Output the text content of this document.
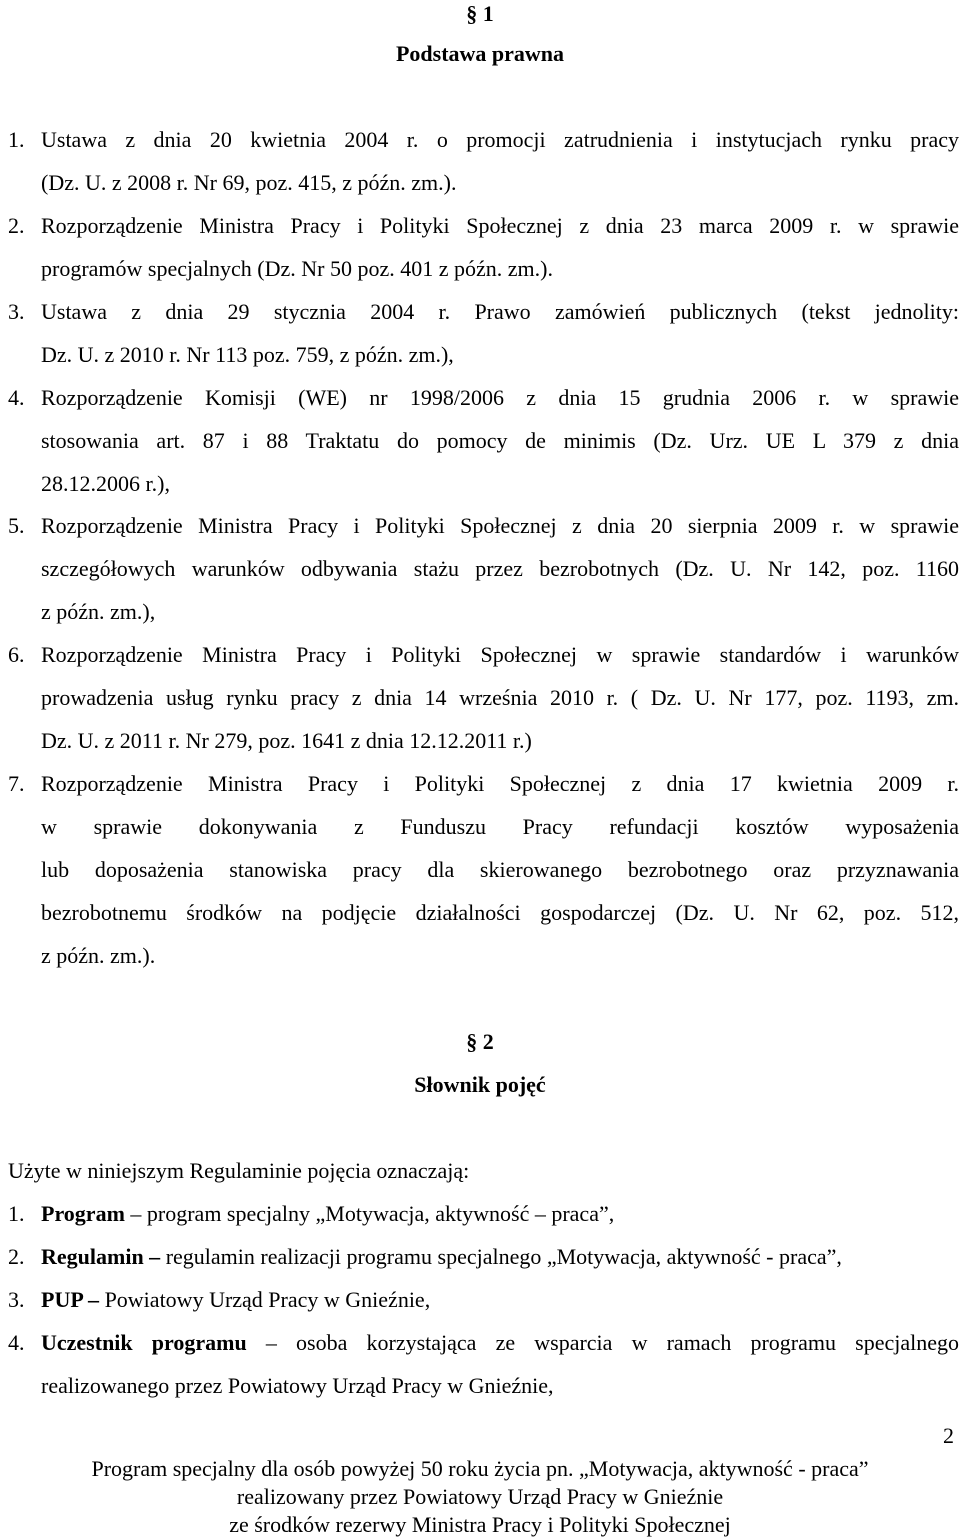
§ 1
Podstawa prawna
1. Ustawa z dnia 20 kwietnia 2004 r. o promocji zatrudnienia i instytucjach rynku pracy
(Dz. U. z 2008 r. Nr 69, poz. 415, z późn. zm.).
2. Rozporządzenie Ministra Pracy i Polityki Społecznej z dnia 23 marca 2009 r. w sprawie
programów specjalnych (Dz. Nr 50 poz. 401 z późn. zm.).
3. Ustawa z dnia 29 stycznia 2004 r. Prawo zamówień publicznych (tekst jednolity:
Dz. U. z 2010 r. Nr 113 poz. 759, z późn. zm.),
4. Rozporządzenie Komisji (WE) nr 1998/2006 z dnia 15 grudnia 2006 r. w sprawie
stosowania art. 87 i 88 Traktatu do pomocy de minimis (Dz. Urz. UE L 379 z dnia
28.12.2006 r.),
5. Rozporządzenie Ministra Pracy i Polityki Społecznej z dnia 20 sierpnia 2009 r. w sprawie
szczegółowych warunków odbywania stażu przez bezrobotnych (Dz. U. Nr 142, poz. 1160
z późn. zm.),
6. Rozporządzenie Ministra Pracy i Polityki Społecznej w sprawie standardów i warunków
prowadzenia usług rynku pracy z dnia 14 września 2010 r. ( Dz. U. Nr 177, poz. 1193, zm.
Dz. U. z 2011 r. Nr 279, poz. 1641 z dnia 12.12.2011 r.)
7. Rozporządzenie Ministra Pracy i Polityki Społecznej z dnia 17 kwietnia 2009 r.
w sprawie dokonywania z Funduszu Pracy refundacji kosztów wyposażenia
lub doposażenia stanowiska pracy dla skierowanego bezrobotnego oraz przyznawania
bezrobotnemu środków na podjęcie działalności gospodarczej (Dz. U. Nr 62, poz. 512,
z późn. zm.).
§ 2
Słownik pojęć
Użyte w niniejszym Regulaminie pojęcia oznaczają:
1. Program – program specjalny „Motywacja, aktywność – praca”,
2. Regulamin – regulamin realizacji programu specjalnego „Motywacja, aktywność - praca”,
3. PUP – Powiatowy Urząd Pracy w Gnieźnie,
4. Uczestnik programu – osoba korzystająca ze wsparcia w ramach programu specjalnego
realizowanego przez Powiatowy Urząd Pracy w Gnieźnie,
2
Program specjalny dla osób powyżej 50 roku życia pn. „Motywacja, aktywność - praca”
realizowany przez Powiatowy Urząd Pracy w Gnieźnie
ze środków rezerwy Ministra Pracy i Polityki Społecznej
